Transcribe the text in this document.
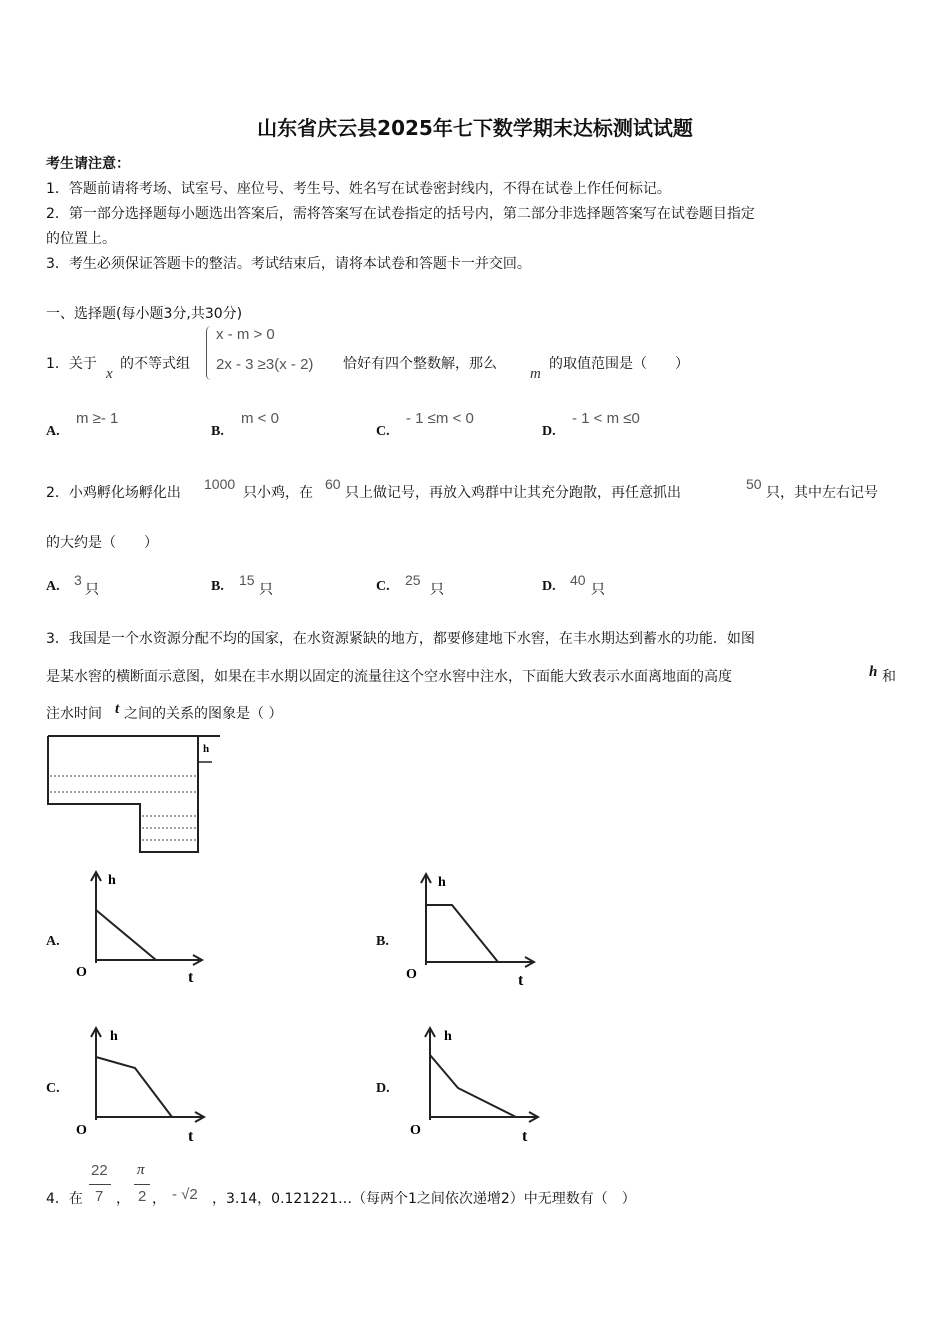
山东省庆云县2025年七下数学期末达标测试试题
考生请注意：
1．答题前请将考场、试室号、座位号、考生号、姓名写在试卷密封线内，不得在试卷上作任何标记。
2．第一部分选择题每小题选出答案后，需将答案写在试卷指定的括号内，第二部分非选择题答案写在试卷题目指定
的位置上。
3．考生必须保证答题卡的整洁。考试结束后，请将本试卷和答题卡一并交回。
一、选择题(每小题3分,共30分)
1．关于
x
的不等式组
x - m > 0
2x - 3 ≥3(x - 2) 恰好有四个整数解，那么
m
的取值范围是（　　）
A.
m ≥- 1
B.
m < 0
C.
- 1 ≤m < 0
D.
- 1 < m ≤0
2．小鸡孵化场孵化出
1000
只小鸡，在
60
只上做记号，再放入鸡群中让其充分跑散，再任意抓出
50
只，其中左右记号
的大约是（　　）
A. 3
只	B. 15
只	C. 25
只	D. 40
只
3．我国是一个水资源分配不均的国家，在水资源紧缺的地方，都要修建地下水窖，在丰水期达到蓄水的功能．如图
是某水窖的横断面示意图，如果在丰水期以固定的流量往这个空水窖中注水，下面能大致表示水面离地面的高度	h 和
注水时间 t 之间的关系的图象是（ ）
h
A.
h
O	t
B.
h
O	t
C.
h
O	t
D.
h
O	t
4．在
22
7 ，
π
2 ， - √2 ，3.14，0.121221…（每两个1之间依次递增2）中无理数有（　）
